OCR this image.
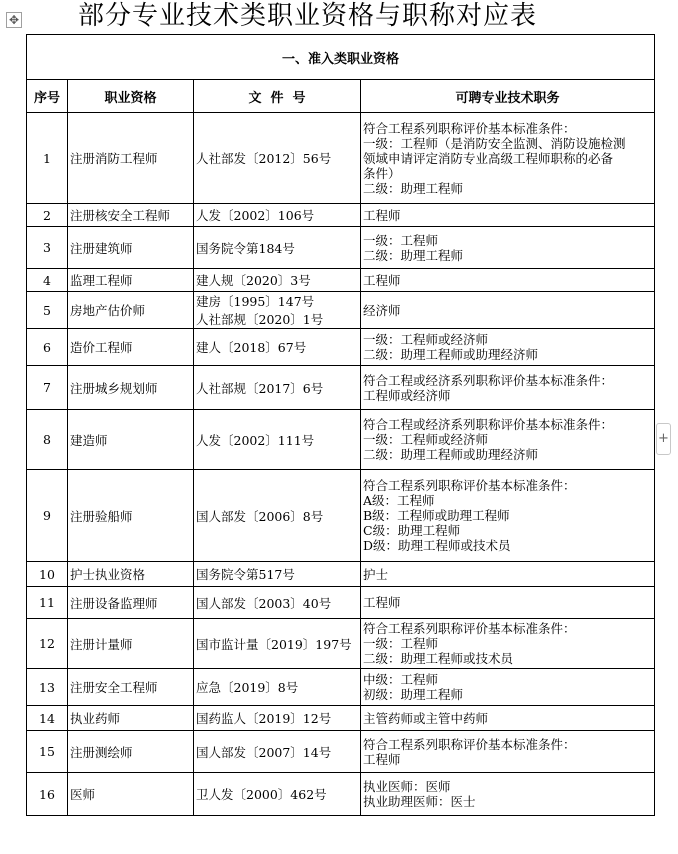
部分专业技术类职业资格与职称对应表
✥
+
一、准入类职业资格			
序号	职业资格	文  件  号	可聘专业技术职务
1	注册消防工程师	人社部发〔2012〕56号	符合工程系列职称评价基本标准条件：
一级：工程师（是消防安全监测、消防设施检测
领域申请评定消防专业高级工程师职称的必备
条件）
二级：助理工程师

2	注册核安全工程师	人发〔2002〕106号	工程师

3	注册建筑师	国务院令第184号	一级：工程师
二级：助理工程师

4	监理工程师	建人规〔2020〕3号	工程师

5	房地产估价师	建房〔1995〕147号
人社部规〔2020〕1号	经济师

6	造价工程师	建人〔2018〕67号	一级：工程师或经济师
二级：助理工程师或助理经济师

7	注册城乡规划师	人社部规〔2017〕6号	符合工程或经济系列职称评价基本标准条件：
工程师或经济师

8	建造师	人发〔2002〕111号	符合工程或经济系列职称评价基本标准条件：
一级：工程师或经济师
二级：助理工程师或助理经济师

9	注册验船师	国人部发〔2006〕8号	符合工程系列职称评价基本标准条件：
A级：工程师
B级：工程师或助理工程师
C级：助理工程师
D级：助理工程师或技术员

10	护士执业资格	国务院令第517号	护士

11	注册设备监理师	国人部发〔2003〕40号	工程师

12	注册计量师	国市监计量〔2019〕197号	符合工程系列职称评价基本标准条件：
一级：工程师
二级：助理工程师或技术员

13	注册安全工程师	应急〔2019〕8号	中级：工程师
初级：助理工程师

14	执业药师	国药监人〔2019〕12号	主管药师或主管中药师

15	注册测绘师	国人部发〔2007〕14号	符合工程系列职称评价基本标准条件：
工程师

16	医师	卫人发〔2000〕462号	执业医师：医师
执业助理医师：医士
